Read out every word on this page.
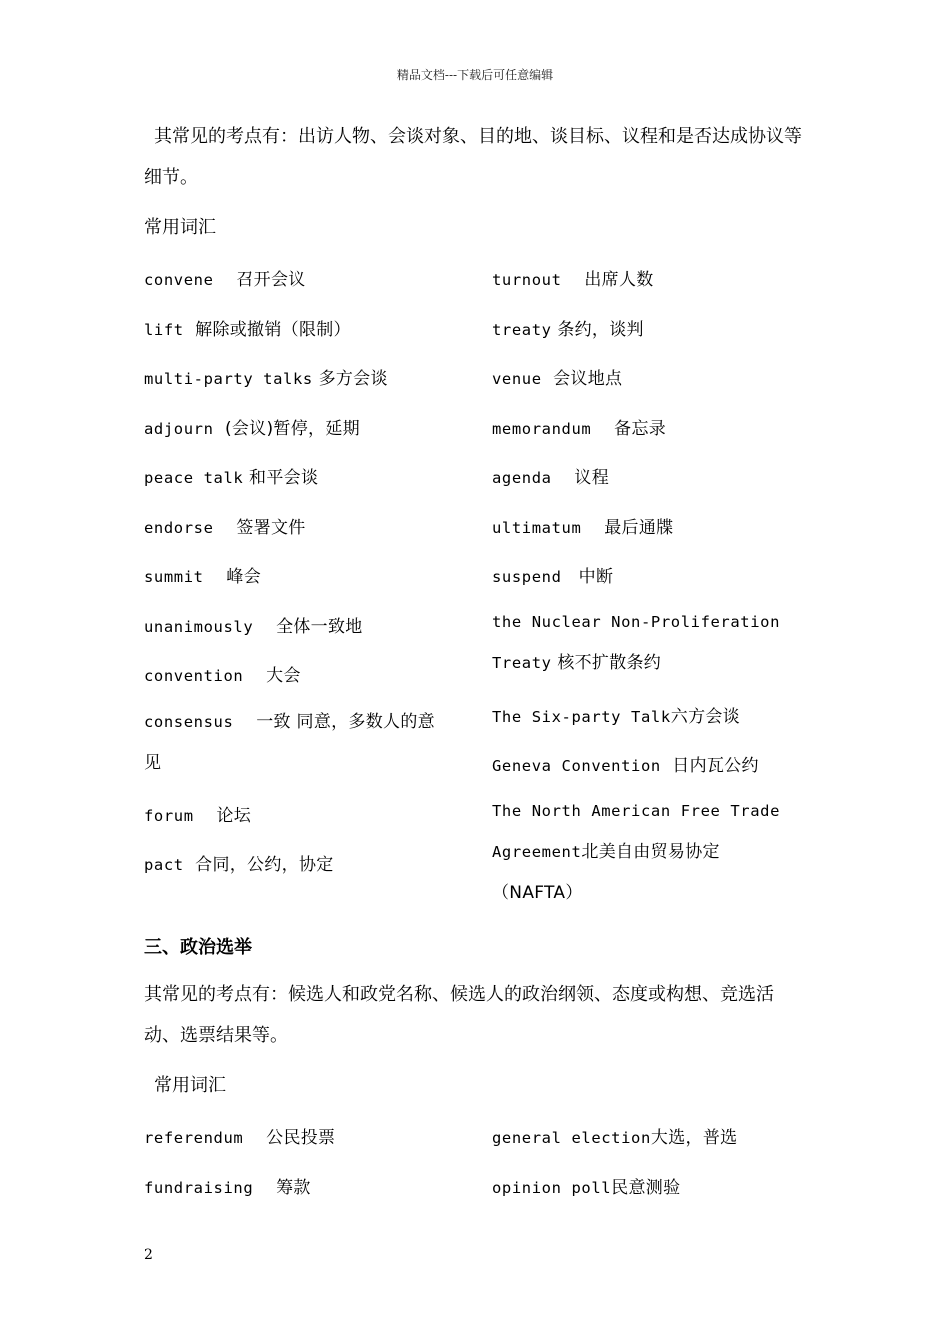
精品文档---下载后可任意编辑
其常见的考点有：出访人物、会谈对象、目的地、谈目标、议程和是否达成协议等细节。
常用词汇
convene 召开会议
lift 解除或撤销（限制）
multi-party talks 多方会谈
adjourn (会议)暂停，延期
peace talk 和平会谈
endorse 签署文件
summit 峰会
unanimously 全体一致地
convention 大会
consensus 一致 同意，多数人的意见
forum 论坛
pact 合同，公约，协定
turnout 出席人数
treaty 条约，谈判
venue 会议地点
memorandum 备忘录
agenda 议程
ultimatum 最后通牒
suspend 中断
the Nuclear Non-Proliferation Treaty 核不扩散条约
The Six-party Talk六方会谈
Geneva Convention 日内瓦公约
The North American Free Trade Agreement北美自由贸易协定（NAFTA）
三、政治选举
其常见的考点有：候选人和政党名称、候选人的政治纲领、态度或构想、竞选活动、选票结果等。
常用词汇
referendum 公民投票
fundraising 筹款
general election大选，普选
opinion poll民意测验
2
